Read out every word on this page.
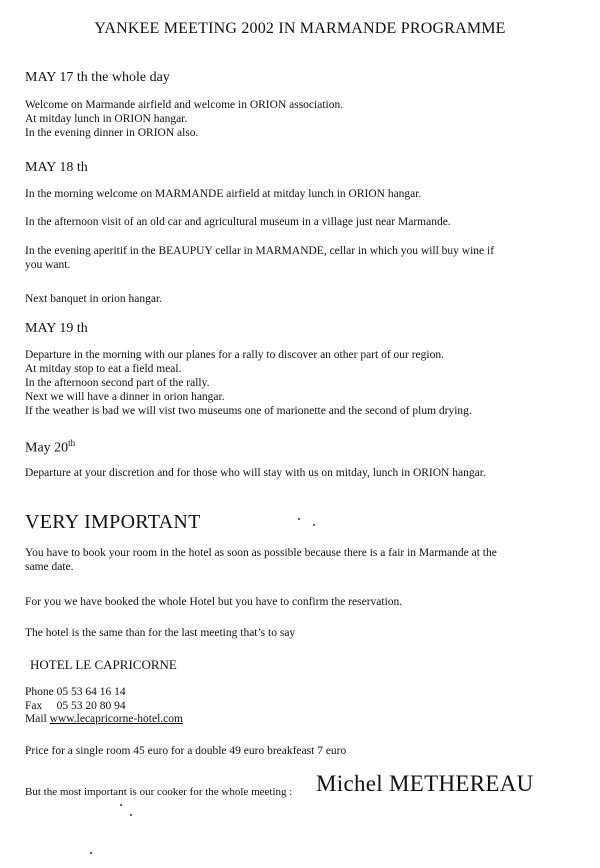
YANKEE MEETING 2002 IN MARMANDE PROGRAMME
MAY 17 th the whole day
Welcome on Marmande airfield and welcome in ORION association.
At mitday lunch in ORION hangar.
In the evening dinner in ORION also.
MAY 18 th
In the morning welcome on MARMANDE airfield at mitday lunch in ORION hangar.
In the afternoon visit of an old car and agricultural museum in a village just near Marmande.
In the evening aperitif in the BEAUPUY cellar in MARMANDE, cellar in which you will buy wine if
you want.
Next banquet in orion hangar.
MAY 19 th
Departure in the morning with our planes for a rally to discover an other part of our region.
At mitday stop to eat a field meal.
In the afternoon second part of the rally.
Next we will have a dinner in orion hangar.
If the weather is bad we will vist two museums one of marionette and the second of plum drying.
May 20th
Departure at your discretion and for those who will stay with us on mitday, lunch in ORION hangar.
VERY IMPORTANT
You have to book your room in the hotel as soon as possible because there is a fair in Marmande at the
same date.
For you we have booked the whole Hotel but you have to confirm the reservation.
The hotel is the same than for the last meeting that’s to say
HOTEL LE CAPRICORNE
Phone 05 53 64 16 14
Fax     05 53 20 80 94
Mail www.lecapricorne-hotel.com
Price for a single room 45 euro for a double 49 euro breakfeast 7 euro
But the most important is our cooker for the whole meeting : Michel METHEREAU
